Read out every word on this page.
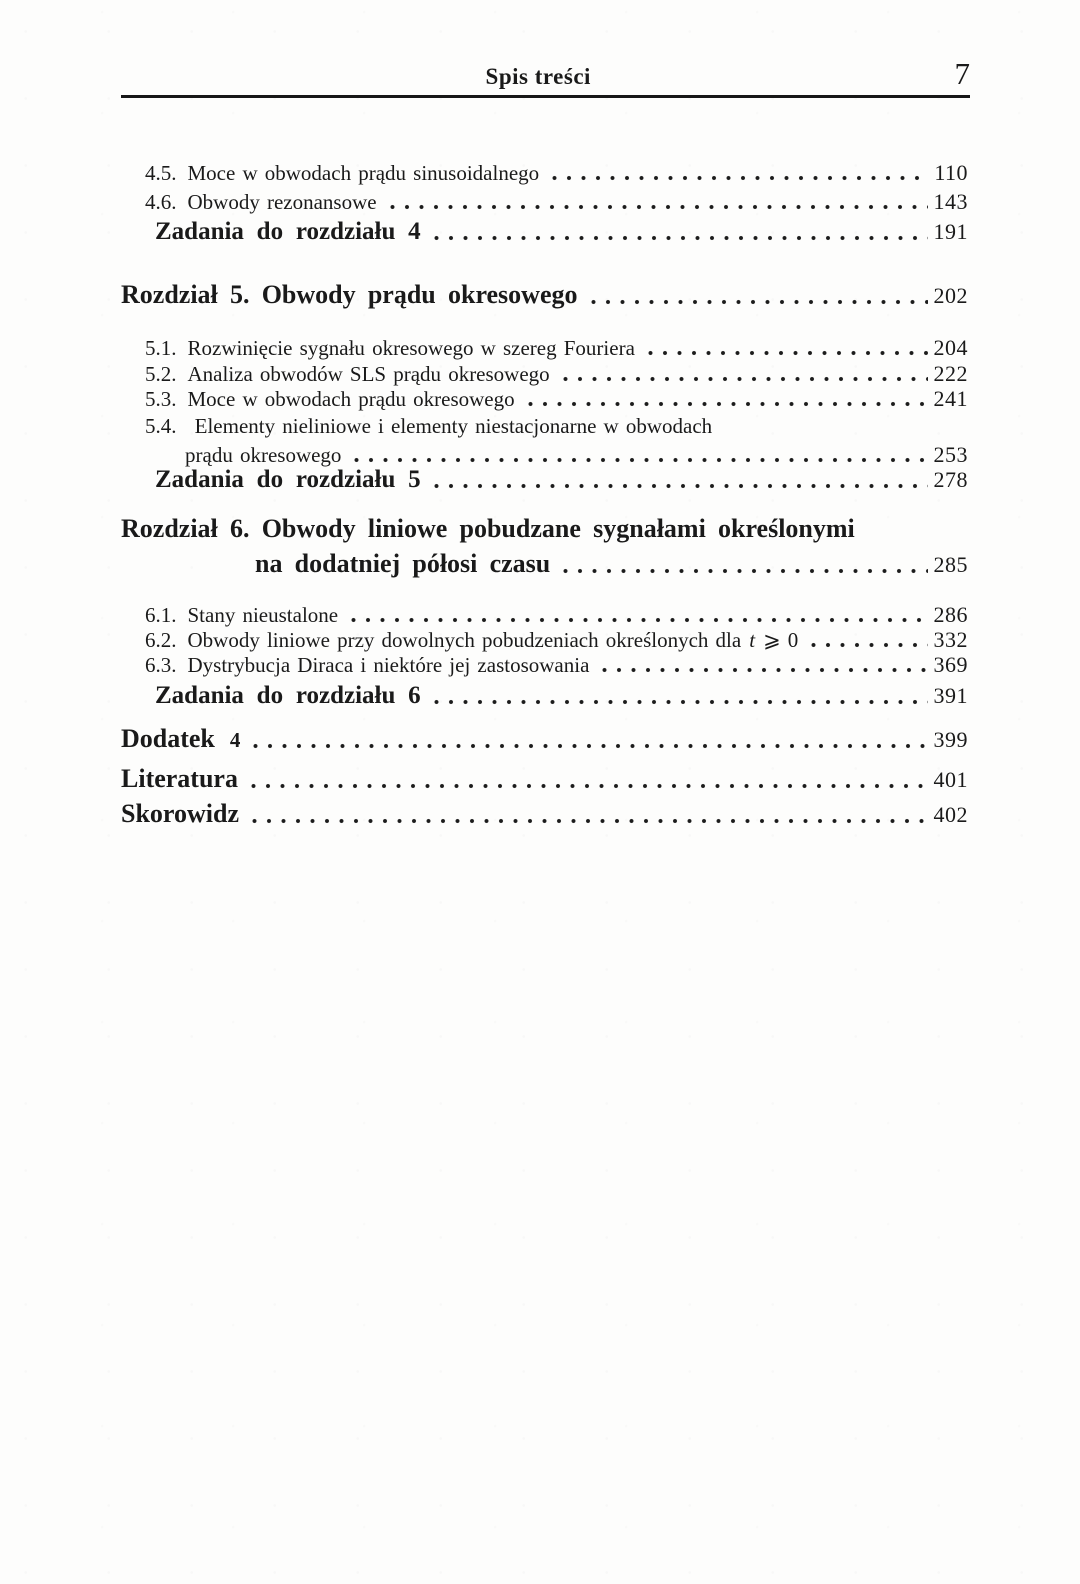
Spis treści	7
4.5. Moce w obwodach prądu sinusoidalnego	110
4.6. Obwody rezonansowe	143
Zadania do rozdziału 4	191
Rozdział 5. Obwody prądu okresowego	202
5.1. Rozwinięcie sygnału okresowego w szereg Fouriera	204
5.2. Analiza obwodów SLS prądu okresowego	222
5.3. Moce w obwodach prądu okresowego	241
5.4. Elementy nieliniowe i elementy niestacjonarne w obwodach
prądu okresowego	253
Zadania do rozdziału 5	278
Rozdział 6. Obwody liniowe pobudzane sygnałami określonymi
na dodatniej półosi czasu	285
6.1. Stany nieustalone	286
6.2. Obwody liniowe przy dowolnych pobudzeniach określonych dla t ⩾ 0	332
6.3. Dystrybucja Diraca i niektóre jej zastosowania	369
Zadania do rozdziału 6	391
Dodatek 4	399
Literatura	401
Skorowidz	402
